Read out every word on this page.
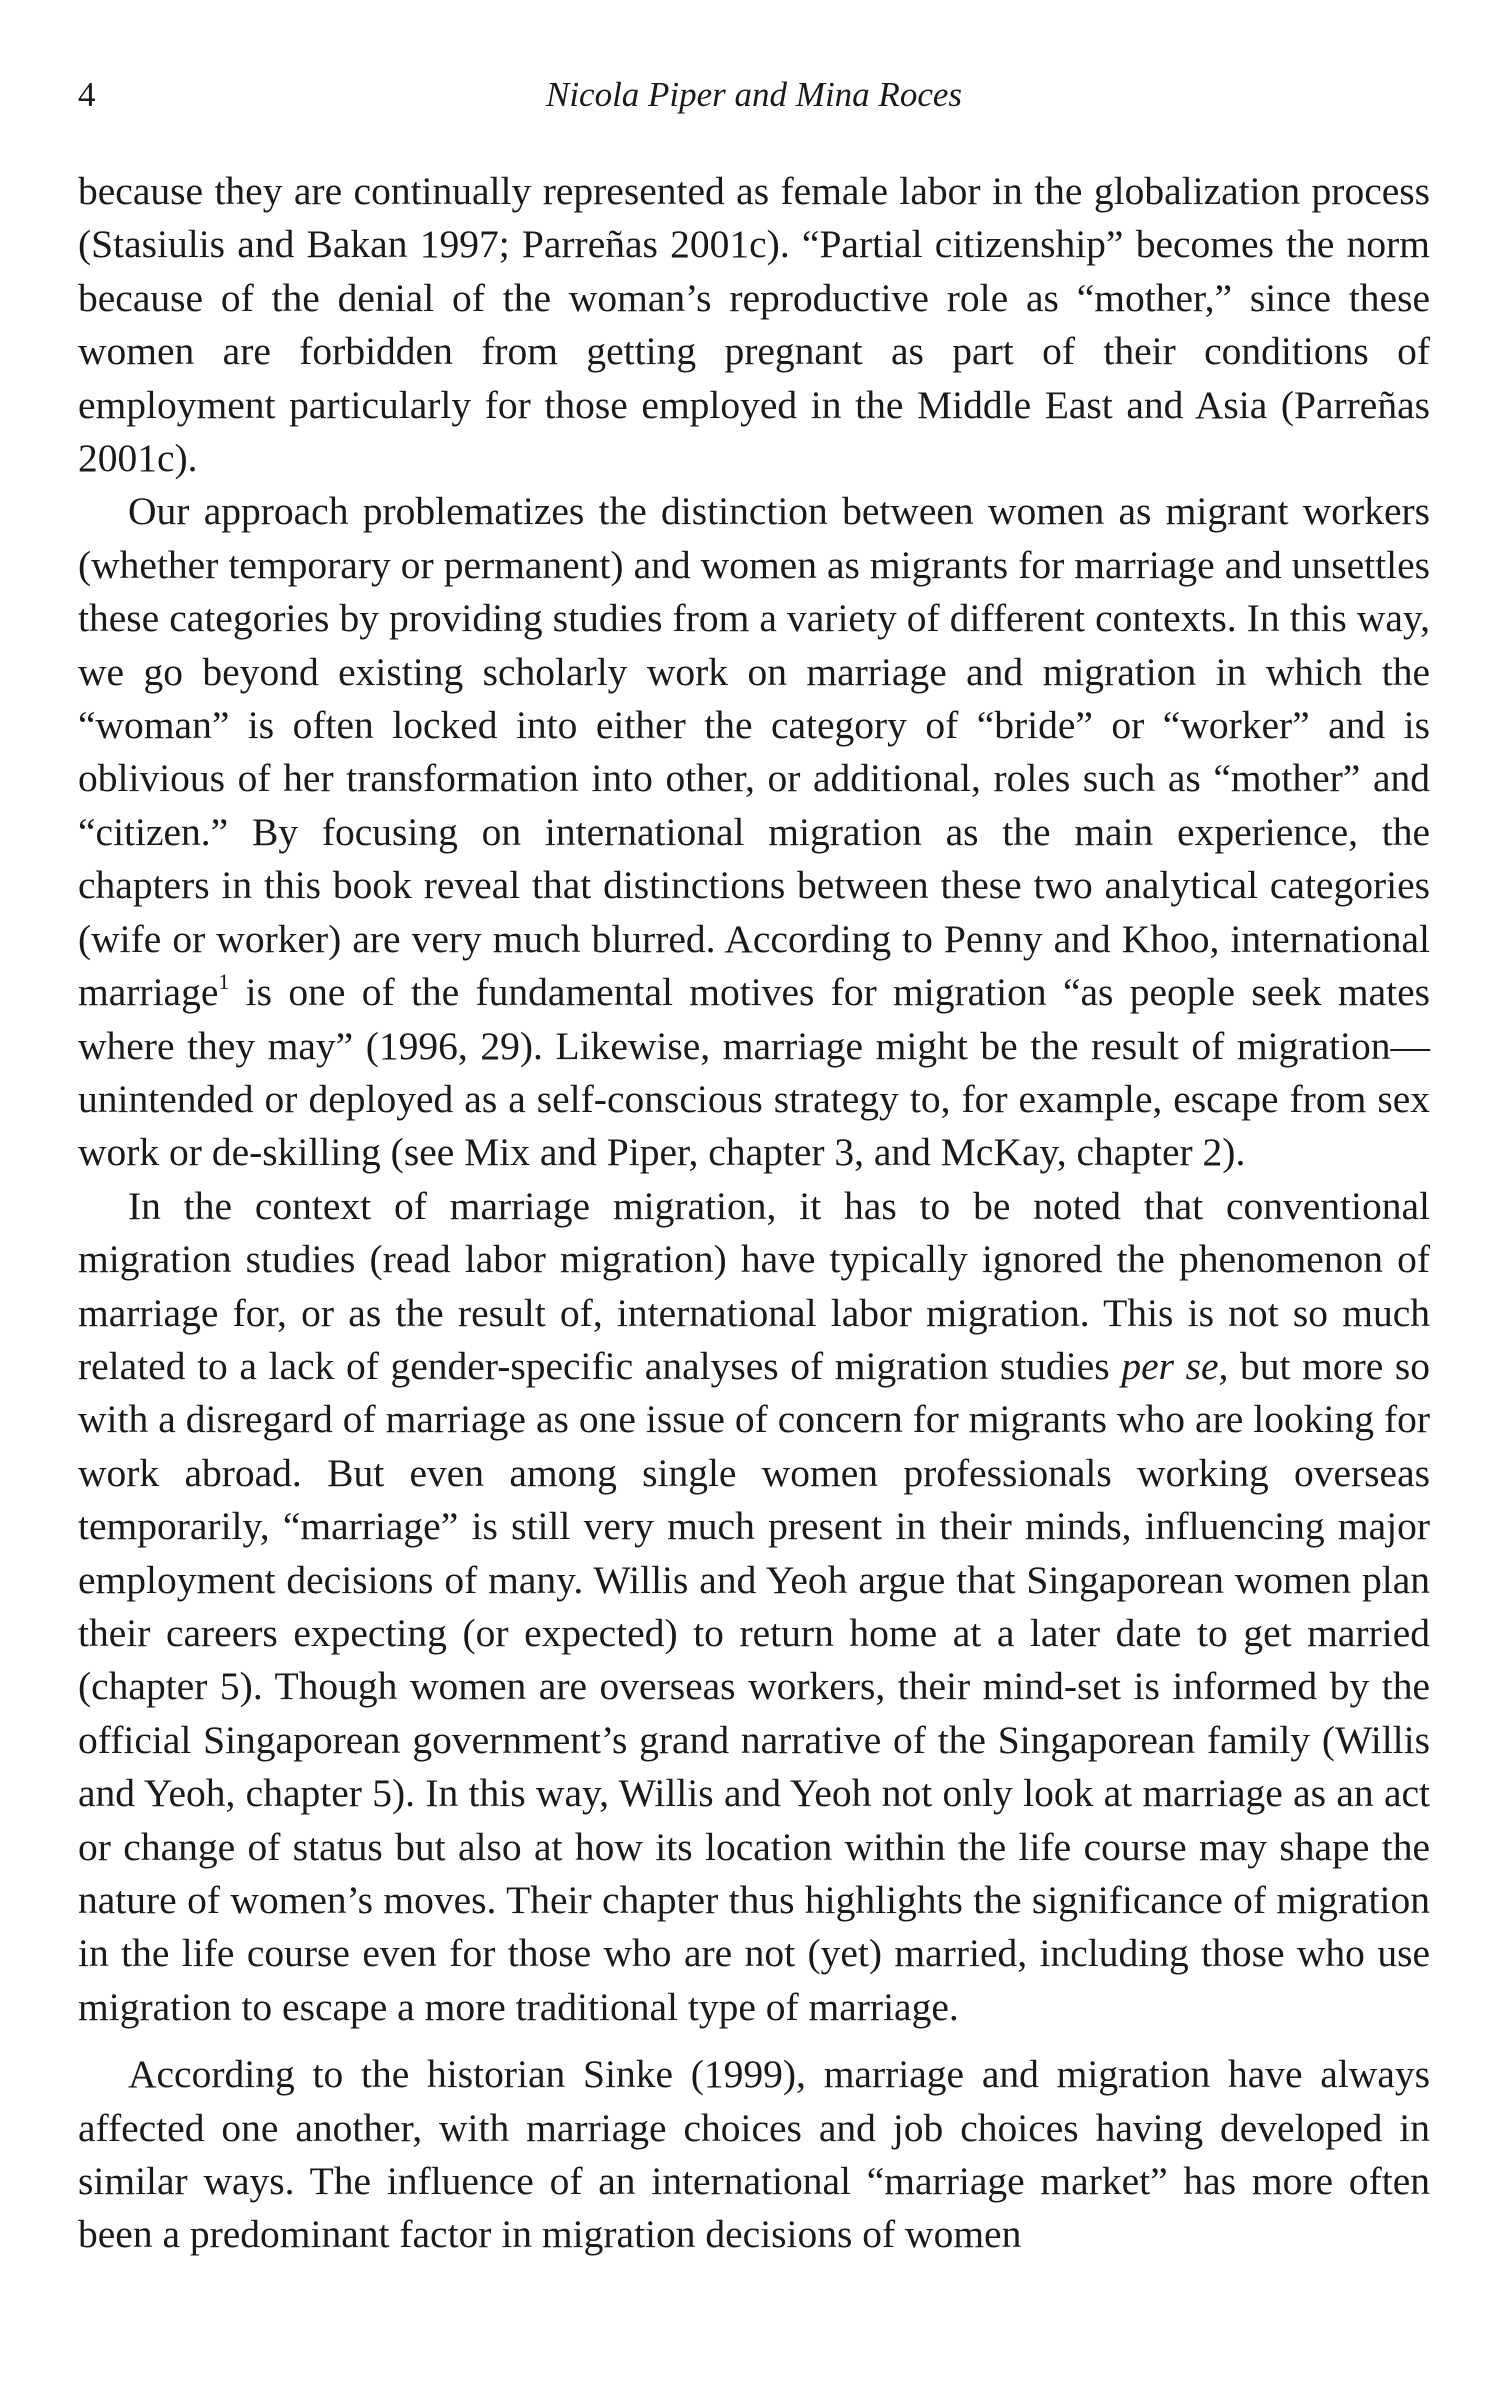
4	Nicola Piper and Mina Roces

because they are continually represented as female labor in the globalization process (Stasiulis and Bakan 1997; Parreñas 2001c). “Partial citizenship” becomes the norm because of the denial of the woman’s reproductive role as “mother,” since these women are forbidden from getting pregnant as part of their conditions of employment particularly for those employed in the Middle East and Asia (Parreñas 2001c).

Our approach problematizes the distinction between women as migrant workers (whether temporary or permanent) and women as migrants for marriage and unsettles these categories by providing studies from a variety of different contexts. In this way, we go beyond existing scholarly work on marriage and migration in which the “woman” is often locked into either the category of “bride” or “worker” and is oblivious of her transformation into other, or additional, roles such as “mother” and “citizen.” By focusing on international migration as the main experience, the chapters in this book reveal that distinctions between these two analytical categories (wife or worker) are very much blurred. According to Penny and Khoo, international marriage$^1$ is one of the fundamental motives for migration “as people seek mates where they may” (1996, 29). Likewise, marriage might be the result of migration—unintended or deployed as a self-conscious strategy to, for example, escape from sex work or de-skilling (see Mix and Piper, chapter 3, and McKay, chapter 2).

In the context of marriage migration, it has to be noted that conventional migration studies (read labor migration) have typically ignored the phenomenon of marriage for, or as the result of, international labor migration. This is not so much related to a lack of gender-specific analyses of migration studies per se, but more so with a disregard of marriage as one issue of concern for migrants who are looking for work abroad. But even among single women professionals working overseas temporarily, “marriage” is still very much present in their minds, influencing major employment decisions of many. Willis and Yeoh argue that Singaporean women plan their careers expecting (or expected) to return home at a later date to get married (chapter 5). Though women are overseas workers, their mind-set is informed by the official Singaporean government’s grand narrative of the Singaporean family (Willis and Yeoh, chapter 5). In this way, Willis and Yeoh not only look at marriage as an act or change of status but also at how its location within the life course may shape the nature of women’s moves. Their chapter thus highlights the significance of migration in the life course even for those who are not (yet) married, including those who use migration to escape a more traditional type of marriage.

According to the historian Sinke (1999), marriage and migration have always affected one another, with marriage choices and job choices having developed in similar ways. The influence of an international “marriage market” has more often been a predominant factor in migration decisions of women
